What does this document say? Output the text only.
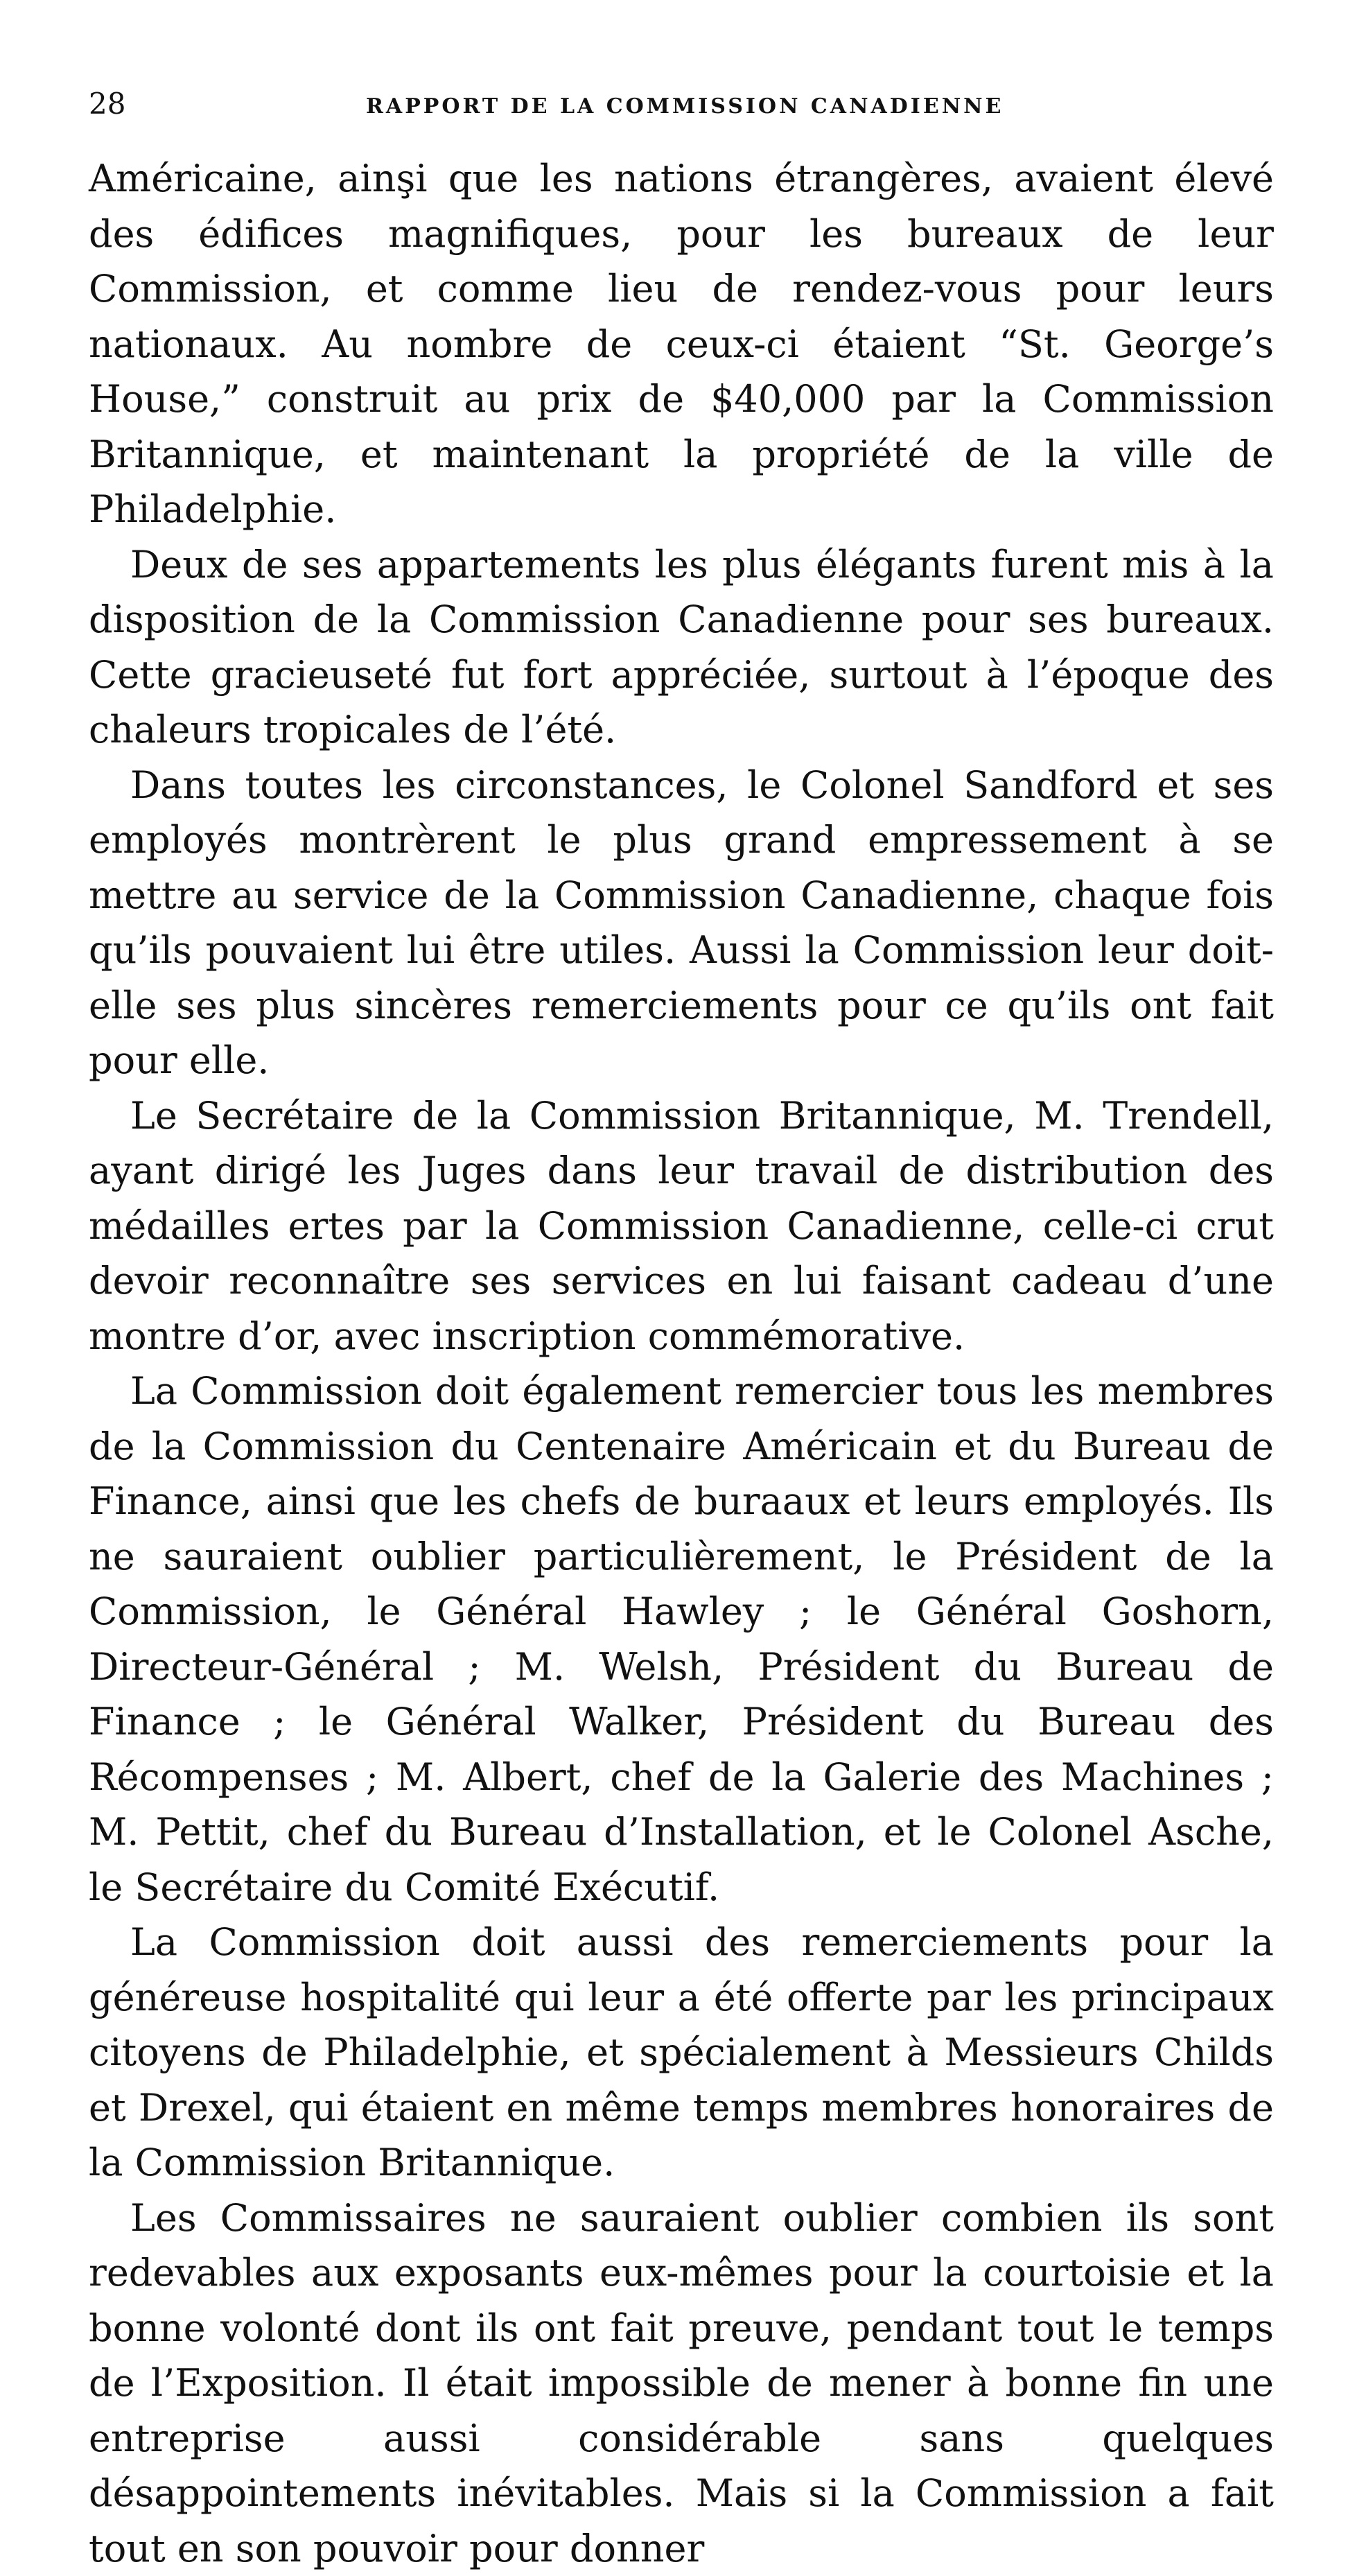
28	RAPPORT DE LA COMMISSION CANADIENNE

Américaine, ainşi que les nations étrangères, avaient élevé des édifices magnifiques, pour les bureaux de leur Commission, et comme lieu de rendez-vous pour leurs nationaux. Au nombre de ceux-ci étaient “St. George’s House,” construit au prix de $40,000 par la Commission Britannique, et maintenant la propriété de la ville de Philadelphie.

Deux de ses appartements les plus élégants furent mis à la disposition de la Commission Canadienne pour ses bureaux. Cette gracieuseté fut fort appréciée, surtout à l’époque des chaleurs tropicales de l’été.

Dans toutes les circonstances, le Colonel Sandford et ses employés montrèrent le plus grand empressement à se mettre au service de la Commission Canadienne, chaque fois qu’ils pouvaient lui être utiles. Aussi la Commission leur doit-elle ses plus sincères remerciements pour ce qu’ils ont fait pour elle.

Le Secrétaire de la Commission Britannique, M. Trendell, ayant dirigé les Juges dans leur travail de distribution des médailles ertes par la Commission Canadienne, celle-ci crut devoir reconnaître ses services en lui faisant cadeau d’une montre d’or, avec inscription commémorative.

La Commission doit également remercier tous les membres de la Commission du Centenaire Américain et du Bureau de Finance, ainsi que les chefs de buraaux et leurs employés. Ils ne sauraient oublier particulièrement, le Président de la Commission, le Général Hawley ; le Général Goshorn, Directeur-Général ; M. Welsh, Président du Bureau de Finance ; le Général Walker, Président du Bureau des Récompenses ; M. Albert, chef de la Galerie des Machines ; M. Pettit, chef du Bureau d’Installation, et le Colonel Asche, le Secrétaire du Comité Exécutif.

La Commission doit aussi des remerciements pour la généreuse hospitalité qui leur a été offerte par les principaux citoyens de Philadelphie, et spécialement à Messieurs Childs et Drexel, qui étaient en même temps membres honoraires de la Commission Britannique.

Les Commissaires ne sauraient oublier combien ils sont redevables aux exposants eux-mêmes pour la courtoisie et la bonne volonté dont ils ont fait preuve, pendant tout le temps de l’Exposition. Il était impossible de mener à bonne fin une entreprise aussi considérable sans quelques désappointements inévitables. Mais si la Commission a fait tout en son pouvoir pour donner
